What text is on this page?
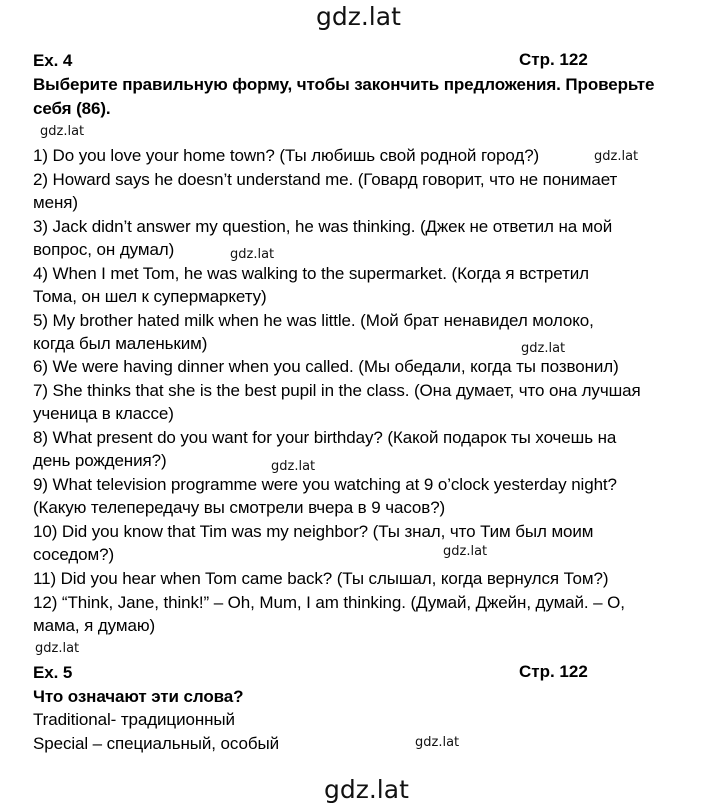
gdz.lat
gdz.lat
gdz.lat
gdz.lat
gdz.lat
gdz.lat
gdz.lat
gdz.lat
gdz.lat
gdz.lat
Ex. 4	Стр. 122
Выберите правильную форму, чтобы закончить предложения. Проверьте
себя (86).
1) Do you love your home town? (Ты любишь свой родной город?)
2) Howard says he doesn’t understand me. (Говард говорит, что не понимает
меня)
3) Jack didn’t answer my question, he was thinking. (Джек не ответил на мой
вопрос, он думал)
4) When I met Tom, he was walking to the supermarket. (Когда я встретил
Тома, он шел к супермаркету)
5) My brother hated milk when he was little. (Мой брат ненавидел молоко,
когда был маленьким)
6) We were having dinner when you called. (Мы обедали, когда ты позвонил)
7) She thinks that she is the best pupil in the class. (Она думает, что она лучшая
ученица в классе)
8) What present do you want for your birthday? (Какой подарок ты хочешь на
день рождения?)
9) What television programme were you watching at 9 o’clock yesterday night?
(Какую телепередачу вы смотрели вчера в 9 часов?)
10) Did you know that Tim was my neighbor? (Ты знал, что Тим был моим
соседом?)
11) Did you hear when Tom came back? (Ты слышал, когда вернулся Том?)
12) “Think, Jane, think!” – Oh, Mum, I am thinking. (Думай, Джейн, думай. – О,
мама, я думаю)
Ex. 5	Стр. 122
Что означают эти слова?
Traditional- традиционный
Special – специальный, особый
